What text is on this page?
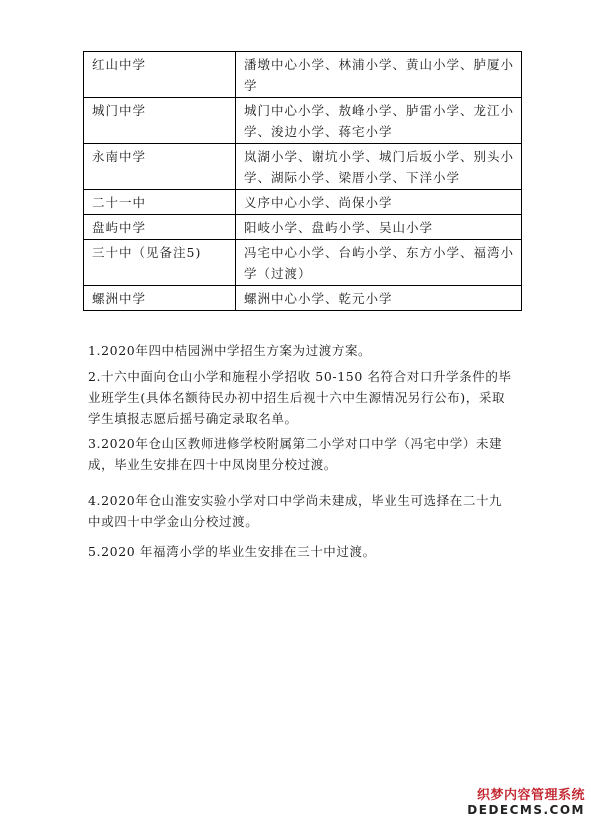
红山中学	潘墩中心小学、林浦小学、黄山小学、胪厦小学
城门中学	城门中心小学、敖峰小学、胪雷小学、龙江小学、浚边小学、蒋宅小学
永南中学	岚湖小学、谢坑小学、城门后坂小学、别头小学、湖际小学、梁厝小学、下洋小学
二十一中	义序中心小学、尚保小学
盘屿中学	阳岐小学、盘屿小学、吴山小学
三十中（见备注5)	冯宅中心小学、台屿小学、东方小学、福湾小学（过渡）
螺洲中学	螺洲中心小学、乾元小学

1.2020年四中桔园洲中学招生方案为过渡方案。

2.十六中面向仓山小学和施程小学招收 50-150 名符合对口升学条件的毕业班学生(具体名额待民办初中招生后视十六中生源情况另行公布)，采取学生填报志愿后摇号确定录取名单。

3.2020年仓山区教师进修学校附属第二小学对口中学（冯宅中学）未建成，毕业生安排在四十中凤岗里分校过渡。

4.2020年仓山淮安实验小学对口中学尚未建成，毕业生可选择在二十九中或四十中学金山分校过渡。

5.2020 年福湾小学的毕业生安排在三十中过渡。

织梦内容管理系统
DEDECMS.COM
